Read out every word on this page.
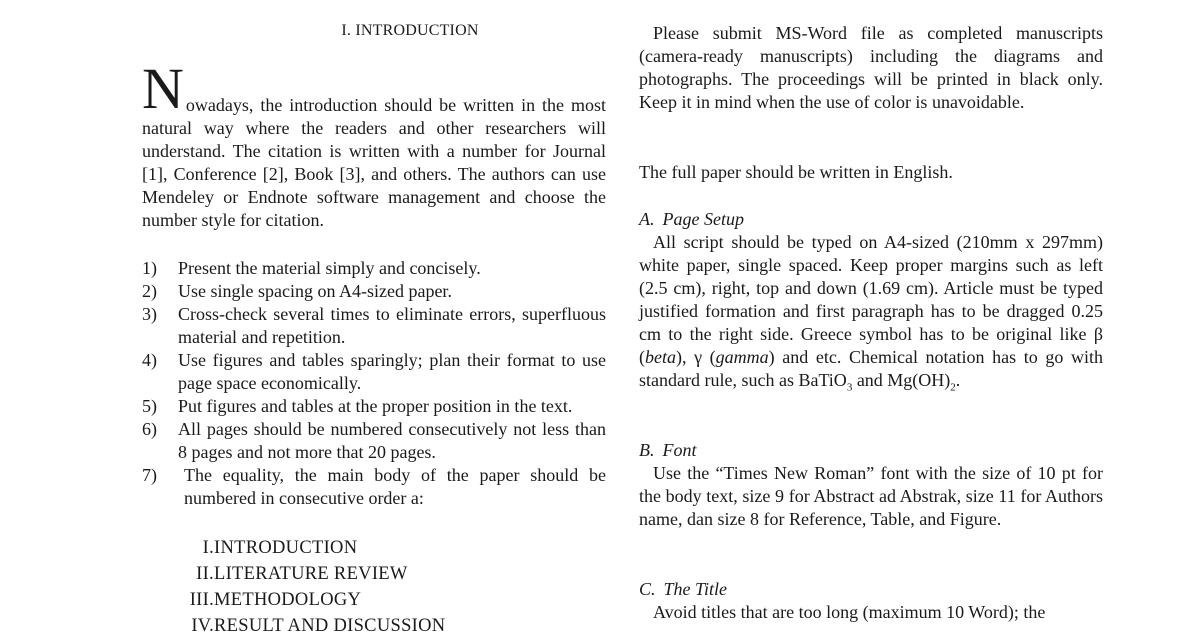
I. INTRODUCTION
N owadays, the introduction should be written in the most natural way where the readers and other researchers will understand. The citation is written with a number for Journal [1], Conference [2], Book [3], and others. The authors can use Mendeley or Endnote software management and choose the number style for citation.

1) Present the material simply and concisely.
2) Use single spacing on A4-sized paper.
3) Cross-check several times to eliminate errors, superfluous material and repetition.
4) Use figures and tables sparingly; plan their format to use page space economically.
5) Put figures and tables at the proper position in the text.
6) All pages should be numbered consecutively not less than 8 pages and not more that 20 pages.
7) The equality, the main body of the paper should be numbered in consecutive order a:
I. INTRODUCTION
II. LITERATURE REVIEW
III. METHODOLOGY
IV. RESULT AND DISCUSSION

Please submit MS-Word file as completed manuscripts (camera-ready manuscripts) including the diagrams and photographs. The proceedings will be printed in black only. Keep it in mind when the use of color is unavoidable.

The full paper should be written in English.

A. Page Setup

All script should be typed on A4-sized (210mm x 297mm) white paper, single spaced. Keep proper margins such as left (2.5 cm), right, top and down (1.69 cm). Article must be typed justified formation and first paragraph has to be dragged 0.25 cm to the right side. Greece symbol has to be original like β (beta), γ (gamma) and etc. Chemical notation has to go with standard rule, such as BaTiO$_3$ and $Mg(OH)_2$.

B. Font

Use the “Times New Roman” font with the size of 10 pt for the body text, size 9 for Abstract ad Abstrak, size 11 for Authors name, dan size 8 for Reference, Table, and Figure.

C. The Title

Avoid titles that are too long (maximum 10 Word); the
